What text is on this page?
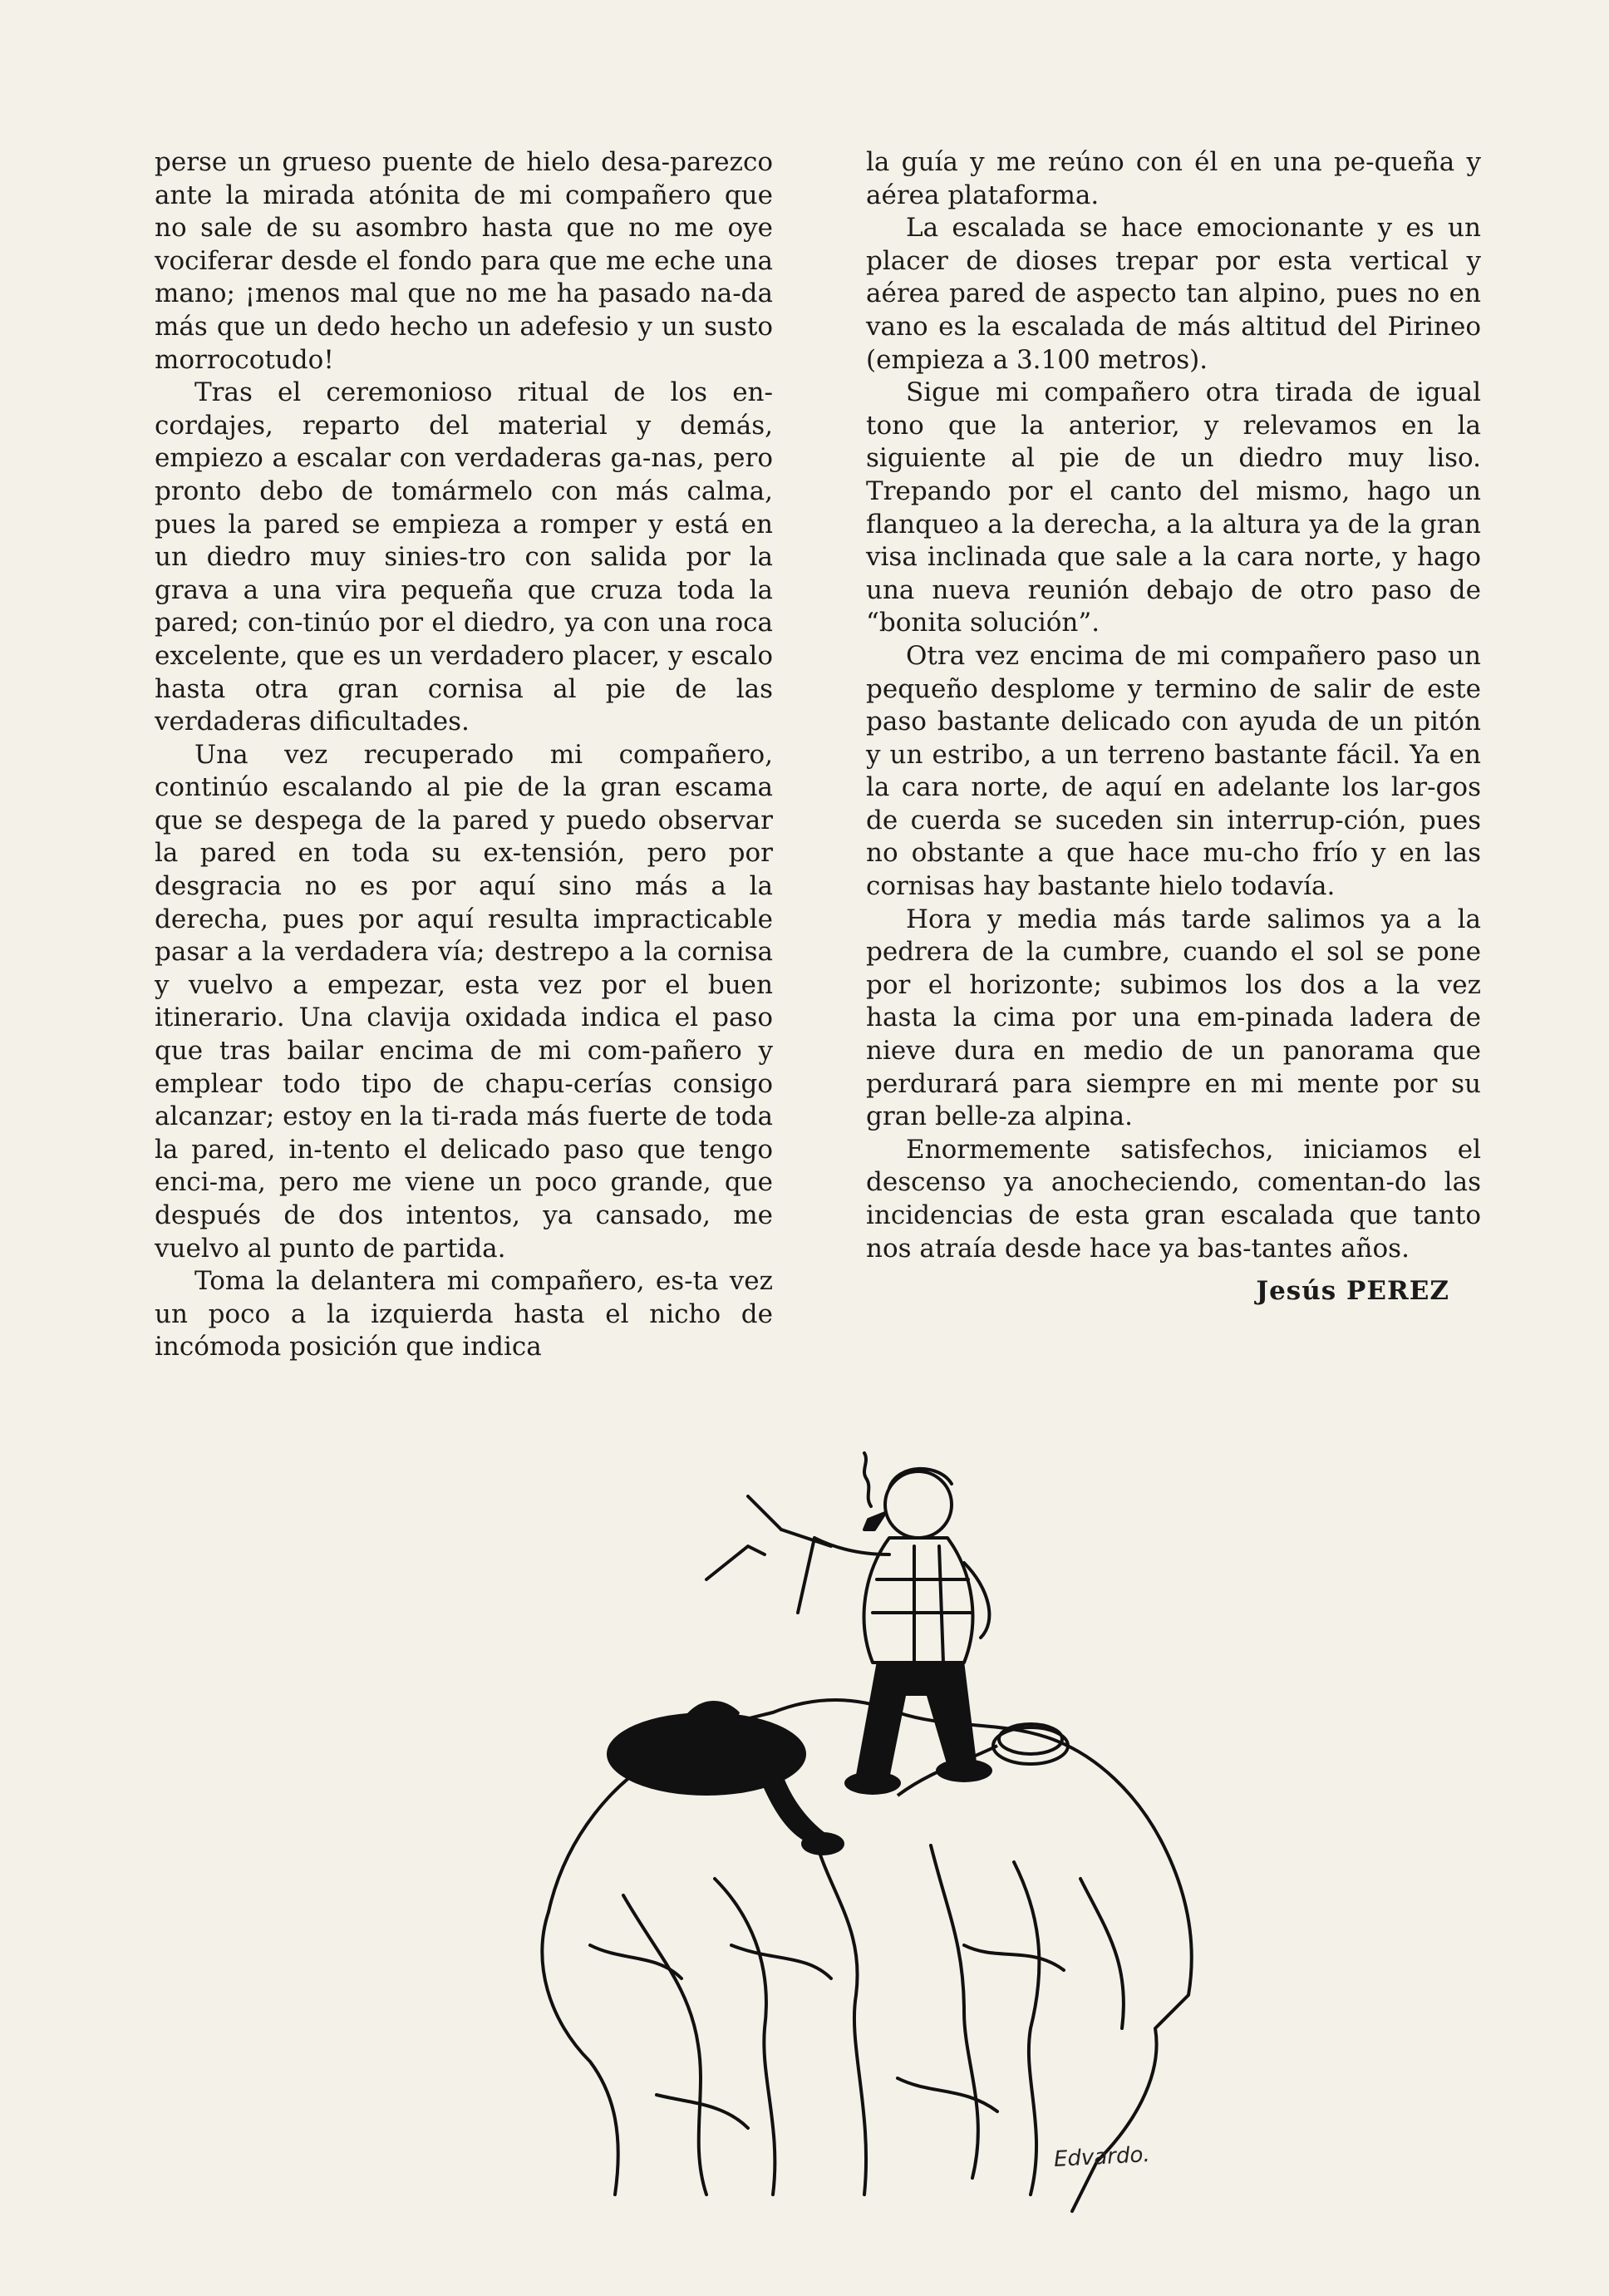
perse un grueso puente de hielo desa-parezco ante la mirada atónita de mi compañero que no sale de su asombro hasta que no me oye vociferar desde el fondo para que me eche una mano; ¡menos mal que no me ha pasado na-da más que un dedo hecho un adefesio y un susto morrocotudo!

Tras el ceremonioso ritual de los en-cordajes, reparto del material y demás, empiezo a escalar con verdaderas ga-nas, pero pronto debo de tomármelo con más calma, pues la pared se empieza a romper y está en un diedro muy sinies-tro con salida por la grava a una vira pequeña que cruza toda la pared; con-tinúo por el diedro, ya con una roca excelente, que es un verdadero placer, y escalo hasta otra gran cornisa al pie de las verdaderas dificultades.

Una vez recuperado mi compañero, continúo escalando al pie de la gran escama que se despega de la pared y puedo observar la pared en toda su ex-tensión, pero por desgracia no es por aquí sino más a la derecha, pues por aquí resulta impracticable pasar a la verdadera vía; destrepo a la cornisa y vuelvo a empezar, esta vez por el buen itinerario. Una clavija oxidada indica el paso que tras bailar encima de mi com-pañero y emplear todo tipo de chapu-cerías consigo alcanzar; estoy en la ti-rada más fuerte de toda la pared, in-tento el delicado paso que tengo enci-ma, pero me viene un poco grande, que después de dos intentos, ya cansado, me vuelvo al punto de partida.

Toma la delantera mi compañero, es-ta vez un poco a la izquierda hasta el nicho de incómoda posición que indica

la guía y me reúno con él en una pe-queña y aérea plataforma.

La escalada se hace emocionante y es un placer de dioses trepar por esta vertical y aérea pared de aspecto tan alpino, pues no en vano es la escalada de más altitud del Pirineo (empieza a 3.100 metros).

Sigue mi compañero otra tirada de igual tono que la anterior, y relevamos en la siguiente al pie de un diedro muy liso. Trepando por el canto del mismo, hago un flanqueo a la derecha, a la altura ya de la gran visa inclinada que sale a la cara norte, y hago una nueva reunión debajo de otro paso de “bonita solución”.

Otra vez encima de mi compañero paso un pequeño desplome y termino de salir de este paso bastante delicado con ayuda de un pitón y un estribo, a un terreno bastante fácil. Ya en la cara norte, de aquí en adelante los lar-gos de cuerda se suceden sin interrup-ción, pues no obstante a que hace mu-cho frío y en las cornisas hay bastante hielo todavía.

Hora y media más tarde salimos ya a la pedrera de la cumbre, cuando el sol se pone por el horizonte; subimos los dos a la vez hasta la cima por una em-pinada ladera de nieve dura en medio de un panorama que perdurará para siempre en mi mente por su gran belle-za alpina.

Enormemente satisfechos, iniciamos el descenso ya anocheciendo, comentan-do las incidencias de esta gran escalada que tanto nos atraía desde hace ya bas-tantes años.

Jesús PEREZ
Edvardo.
